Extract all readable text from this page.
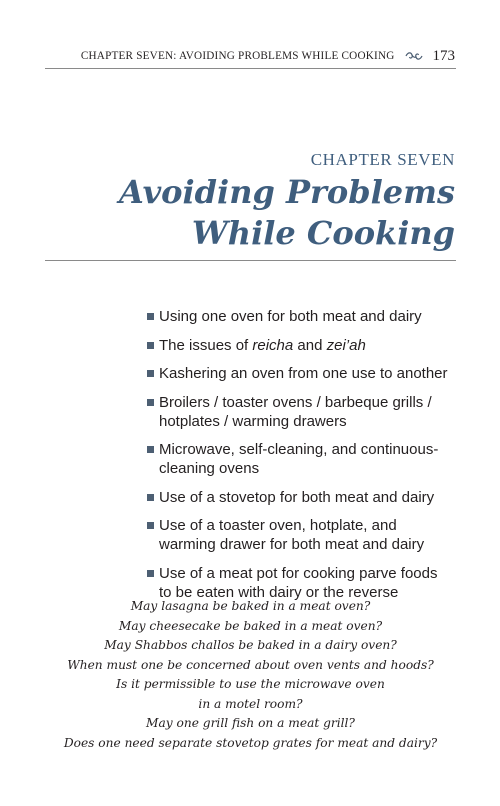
CHAPTER SEVEN: AVOIDING PROBLEMS WHILE COOKING	173
CHAPTER SEVEN
Avoiding Problems
While Cooking
Using one oven for both meat and dairy
The issues of reicha and zei’ah
Kashering an oven from one use to another
Broilers / toaster ovens / barbeque grills /
hotplates / warming drawers
Microwave, self-cleaning, and continuous-
cleaning ovens
Use of a stovetop for both meat and dairy
Use of a toaster oven, hotplate, and
warming drawer for both meat and dairy
Use of a meat pot for cooking parve foods
to be eaten with dairy or the reverse
May lasagna be baked in a meat oven?
May cheesecake be baked in a meat oven?
May Shabbos challos be baked in a dairy oven?
When must one be concerned about oven vents and hoods?
Is it permissible to use the microwave oven
in a motel room?
May one grill fish on a meat grill?
Does one need separate stovetop grates for meat and dairy?
